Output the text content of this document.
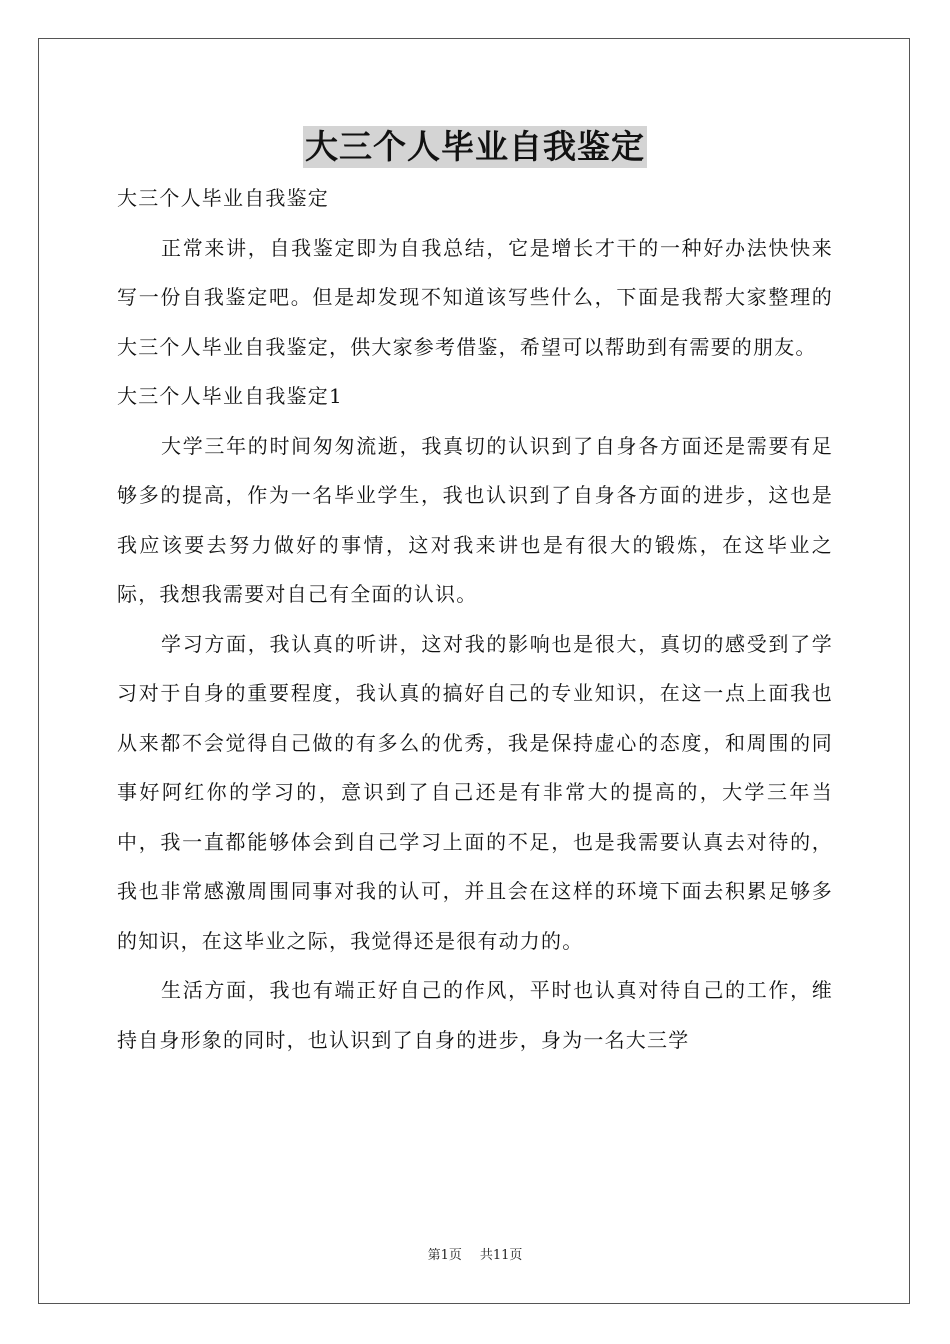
大三个人毕业自我鉴定

大三个人毕业自我鉴定

正常来讲，自我鉴定即为自我总结，它是增长才干的一种好办法快快来写一份自我鉴定吧。但是却发现不知道该写些什么，下面是我帮大家整理的大三个人毕业自我鉴定，供大家参考借鉴，希望可以帮助到有需要的朋友。

大三个人毕业自我鉴定1

大学三年的时间匆匆流逝，我真切的认识到了自身各方面还是需要有足够多的提高，作为一名毕业学生，我也认识到了自身各方面的进步，这也是我应该要去努力做好的事情，这对我来讲也是有很大的锻炼，在这毕业之际，我想我需要对自己有全面的认识。

学习方面，我认真的听讲，这对我的影响也是很大，真切的感受到了学习对于自身的重要程度，我认真的搞好自己的专业知识，在这一点上面我也从来都不会觉得自己做的有多么的优秀，我是保持虚心的态度，和周围的同事好阿红你的学习的，意识到了自己还是有非常大的提高的，大学三年当中，我一直都能够体会到自己学习上面的不足，也是我需要认真去对待的，我也非常感激周围同事对我的认可，并且会在这样的环境下面去积累足够多的知识，在这毕业之际，我觉得还是很有动力的。

生活方面，我也有端正好自己的作风，平时也认真对待自己的工作，维持自身形象的同时，也认识到了自身的进步，身为一名大三学

第1页 共11页
